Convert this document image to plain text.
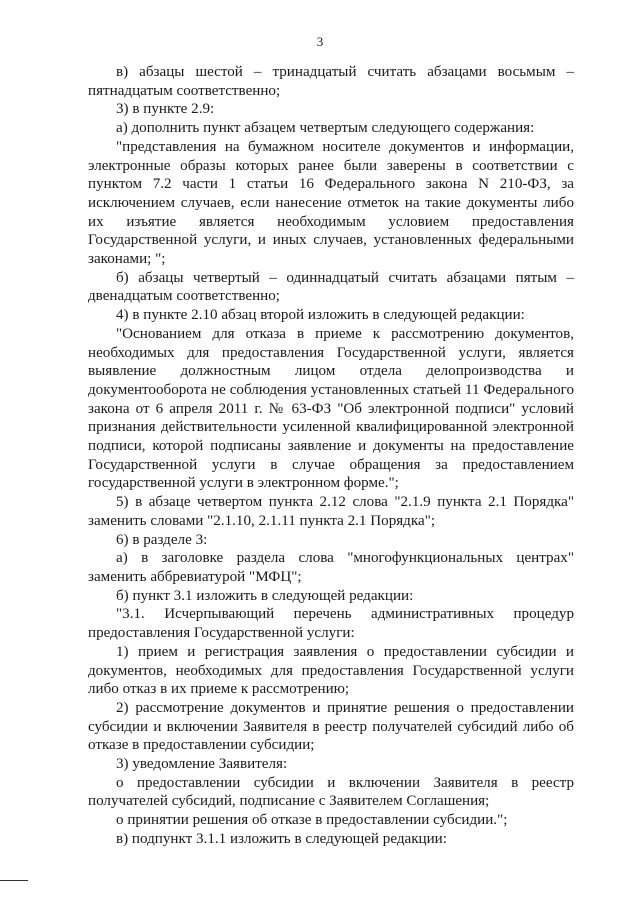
3

в) абзацы шестой – тринадцатый считать абзацами восьмым – пятнадцатым соответственно;

3) в пункте 2.9:

а) дополнить пункт абзацем четвертым следующего содержания:

"представления на бумажном носителе документов и информации, электронные образы которых ранее были заверены в соответствии с пунктом 7.2 части 1 статьи 16 Федерального закона N 210-ФЗ, за исключением случаев, если нанесение отметок на такие документы либо их изъятие является необходимым условием предоставления Государственной услуги, и иных случаев, установленных федеральными законами; ";

б) абзацы четвертый – одиннадцатый считать абзацами пятым – двенадцатым соответственно;

4) в пункте 2.10 абзац второй изложить в следующей редакции:

"Основанием для отказа в приеме к рассмотрению документов, необходимых для предоставления Государственной услуги, является выявление должностным лицом отдела делопроизводства и документооборота не соблюдения установленных статьей 11 Федерального закона от 6 апреля 2011 г. № 63-ФЗ "Об электронной подписи" условий признания действительности усиленной квалифицированной электронной подписи, которой подписаны заявление и документы на предоставление Государственной услуги в случае обращения за предоставлением государственной услуги в электронном форме.";

5) в абзаце четвертом пункта 2.12 слова "2.1.9 пункта 2.1 Порядка" заменить словами "2.1.10, 2.1.11 пункта 2.1 Порядка";

6) в разделе 3:

а) в заголовке раздела слова "многофункциональных центрах" заменить аббревиатурой "МФЦ";

б) пункт 3.1 изложить в следующей редакции:

"3.1. Исчерпывающий перечень административных процедур предоставления Государственной услуги:

1) прием и регистрация заявления о предоставлении субсидии и документов, необходимых для предоставления Государственной услуги либо отказ в их приеме к рассмотрению;

2) рассмотрение документов и принятие решения о предоставлении субсидии и включении Заявителя в реестр получателей субсидий либо об отказе в предоставлении субсидии;

3) уведомление Заявителя:

о предоставлении субсидии и включении Заявителя в реестр получателей субсидий, подписание с Заявителем Соглашения;

о принятии решения об отказе в предоставлении субсидии.";

в) подпункт 3.1.1 изложить в следующей редакции:
